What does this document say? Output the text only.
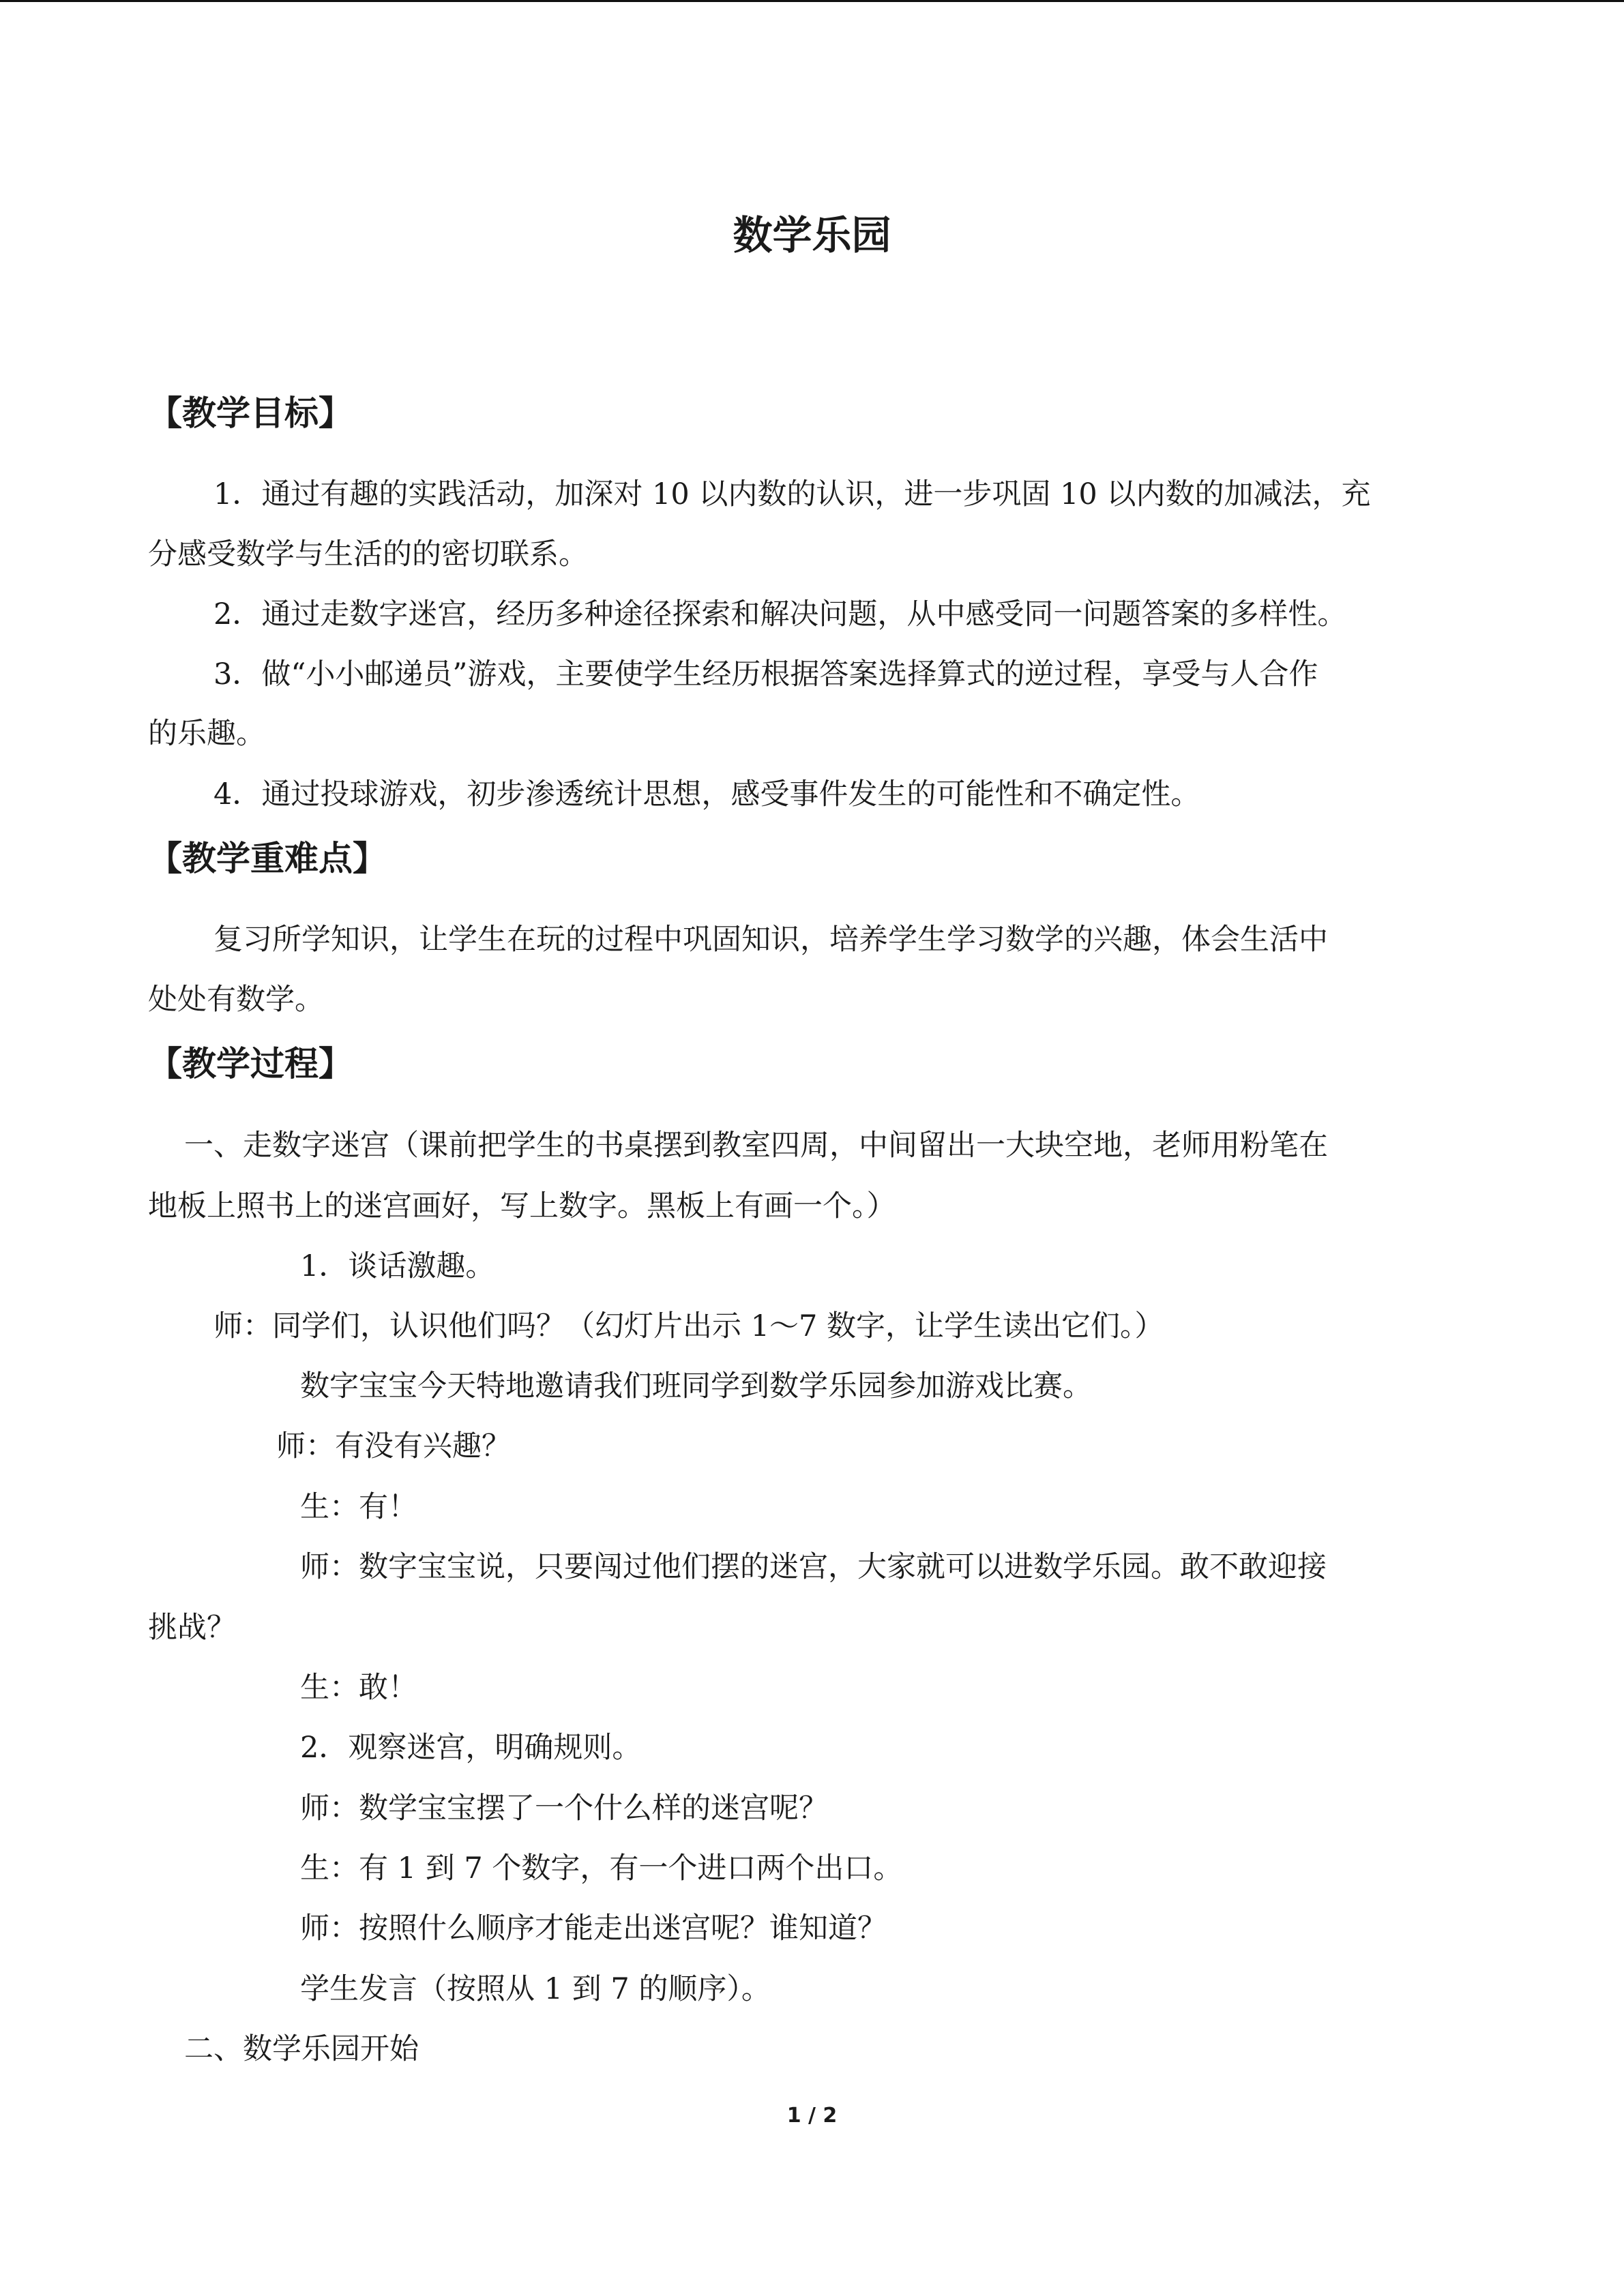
数学乐园
【教学目标】

1．通过有趣的实践活动，加深对 10 以内数的认识，进一步巩固 10 以内数的加减法，充

分感受数学与生活的的密切联系。

2．通过走数字迷宫，经历多种途径探索和解决问题，从中感受同一问题答案的多样性。

3．做“小小邮递员”游戏，主要使学生经历根据答案选择算式的逆过程，享受与人合作

的乐趣。

4．通过投球游戏，初步渗透统计思想，感受事件发生的可能性和不确定性。

【教学重难点】

复习所学知识，让学生在玩的过程中巩固知识，培养学生学习数学的兴趣，体会生活中

处处有数学。

【教学过程】

一、走数字迷宫（课前把学生的书桌摆到教室四周，中间留出一大块空地，老师用粉笔在

地板上照书上的迷宫画好，写上数字。黑板上有画一个。）

1．谈话激趣。

师：同学们，认识他们吗？（幻灯片出示 1～7 数字，让学生读出它们。）

数字宝宝今天特地邀请我们班同学到数学乐园参加游戏比赛。

师：有没有兴趣？

生：有！

师：数字宝宝说，只要闯过他们摆的迷宫，大家就可以进数学乐园。敢不敢迎接

挑战？

生：敢！

2．观察迷宫，明确规则。

师：数学宝宝摆了一个什么样的迷宫呢？

生：有 1 到 7 个数字，有一个进口两个出口。

师：按照什么顺序才能走出迷宫呢？谁知道？

学生发言（按照从 1 到 7 的顺序）。

二、数学乐园开始

1 / 2
